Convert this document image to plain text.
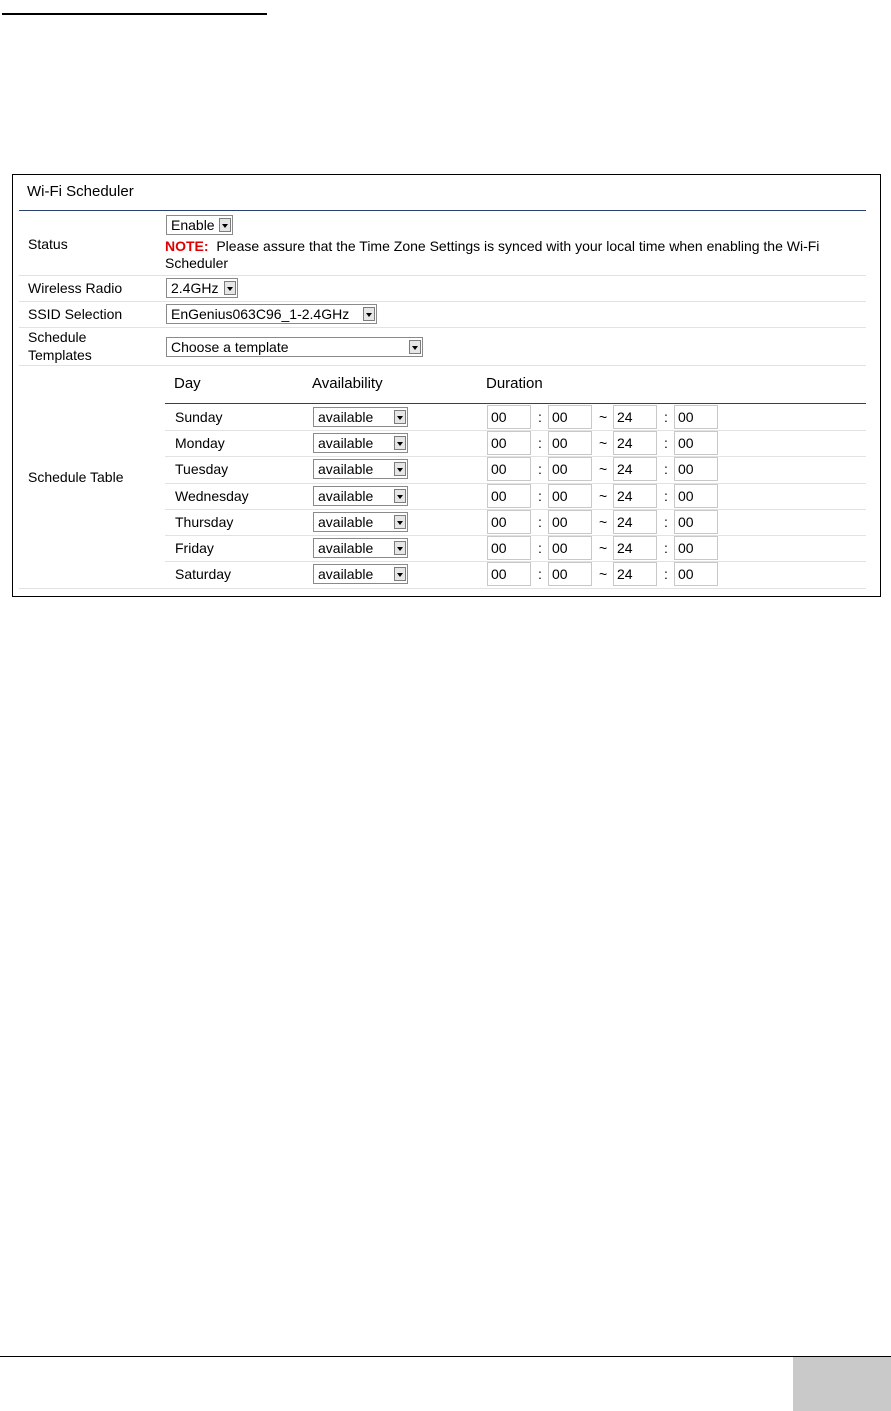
Wi-Fi Scheduler
Status
Enable
NOTE: Please assure that the Time Zone Settings is synced with your local time when enabling the Wi-Fi Scheduler
Wireless Radio	2.4GHz
SSID Selection	EnGenius063C96_1-2.4GHz
Schedule
Templates	Choose a template
Schedule Table
Day	Availability	Duration
Sunday	available	00	: 00	~ 24	: 00
Monday	available	00	: 00	~ 24	: 00
Tuesday	available	00	: 00	~ 24	: 00
Wednesday	available	00	: 00	~ 24	: 00
Thursday	available	00	: 00	~ 24	: 00
Friday	available	00	: 00	~ 24	: 00
Saturday	available	00	: 00	~ 24	: 00
